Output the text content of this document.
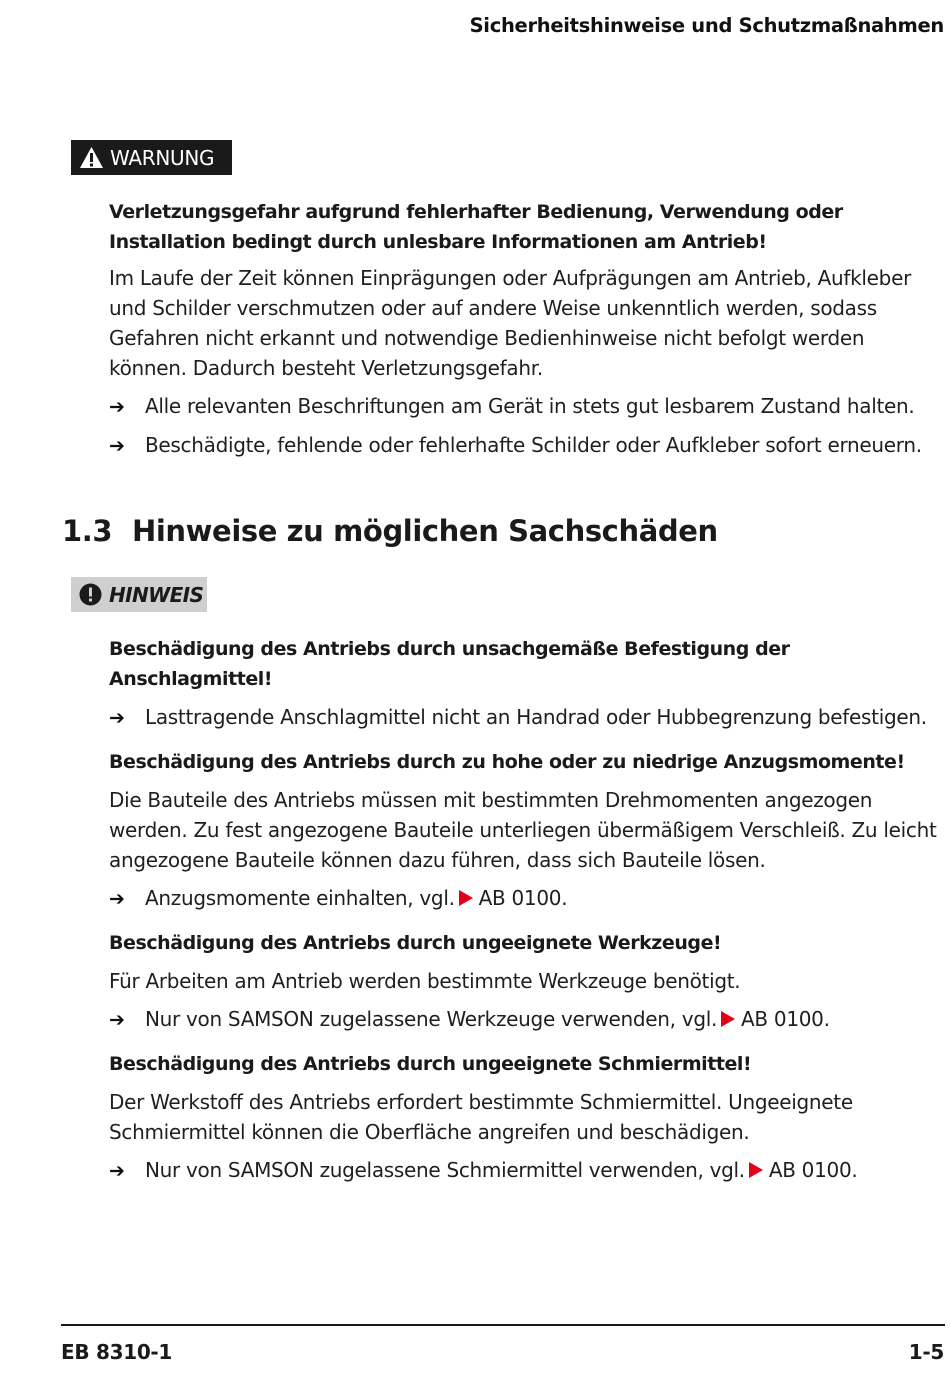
Sicherheitshinweise und Schutzmaßnahmen
WARNUNG

Verletzungsgefahr aufgrund fehlerhafter Bedienung, Verwendung oder Installation bedingt durch unlesbare Informationen am Antrieb!

Im Laufe der Zeit können Einprägungen oder Aufprägungen am Antrieb, Aufkleber und Schilder verschmutzen oder auf andere Weise unkenntlich werden, sodass Gefahren nicht erkannt und notwendige Bedienhinweise nicht befolgt werden können. Dadurch besteht Verletzungsgefahr.

➔	Alle relevanten Beschriftungen am Gerät in stets gut lesbarem Zustand halten.
➔	Beschädigte, fehlende oder fehlerhafte Schilder oder Aufkleber sofort erneuern.
1.3 Hinweise zu möglichen Sachschäden
HINWEIS

Beschädigung des Antriebs durch unsachgemäße Befestigung der Anschlagmittel!

➔	Lasttragende Anschlagmittel nicht an Handrad oder Hubbegrenzung befestigen.

Beschädigung des Antriebs durch zu hohe oder zu niedrige Anzugsmomente!

Die Bauteile des Antriebs müssen mit bestimmten Drehmomenten angezogen werden. Zu fest angezogene Bauteile unterliegen übermäßigem Verschleiß. Zu leicht angezogene Bauteile können dazu führen, dass sich Bauteile lösen.

➔	Anzugsmomente einhalten, vgl. AB 0100.

Beschädigung des Antriebs durch ungeeignete Werkzeuge!

Für Arbeiten am Antrieb werden bestimmte Werkzeuge benötigt.

➔	Nur von SAMSON zugelassene Werkzeuge verwenden, vgl. AB 0100.

Beschädigung des Antriebs durch ungeeignete Schmiermittel!

Der Werkstoff des Antriebs erfordert bestimmte Schmiermittel. Ungeeignete Schmiermittel können die Oberfläche angreifen und beschädigen.

➔	Nur von SAMSON zugelassene Schmiermittel verwenden, vgl. AB 0100.
EB 8310-1	1-5
